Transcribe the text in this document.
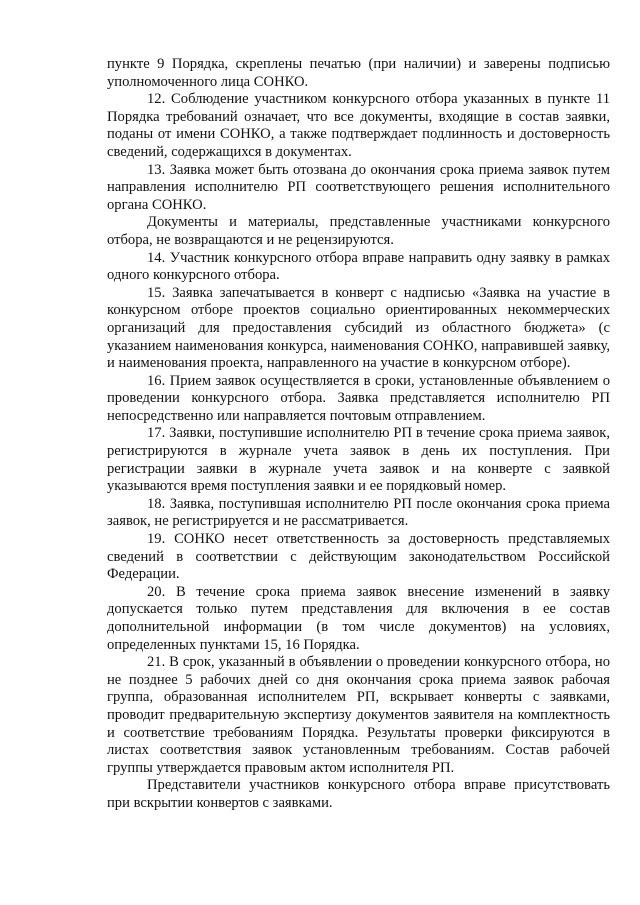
пункте 9 Порядка, скреплены печатью (при наличии) и заверены подписью уполномоченного лица СОНКО.

12. Соблюдение участником конкурсного отбора указанных в пункте 11 Порядка требований означает, что все документы, входящие в состав заявки, поданы от имени СОНКО, а также подтверждает подлинность и достоверность сведений, содержащихся в документах.

13. Заявка может быть отозвана до окончания срока приема заявок путем направления исполнителю РП соответствующего решения исполнительного органа СОНКО.

Документы и материалы, представленные участниками конкурсного отбора, не возвращаются и не рецензируются.

14. Участник конкурсного отбора вправе направить одну заявку в рамках одного конкурсного отбора.

15. Заявка запечатывается в конверт с надписью «Заявка на участие в конкурсном отборе проектов социально ориентированных некоммерческих организаций для предоставления субсидий из областного бюджета» (с указанием наименования конкурса, наименования СОНКО, направившей заявку, и наименования проекта, направленного на участие в конкурсном отборе).

16. Прием заявок осуществляется в сроки, установленные объявлением о проведении конкурсного отбора. Заявка представляется исполнителю РП непосредственно или направляется почтовым отправлением.

17. Заявки, поступившие исполнителю РП в течение срока приема заявок, регистрируются в журнале учета заявок в день их поступления. При регистрации заявки в журнале учета заявок и на конверте с заявкой указываются время поступления заявки и ее порядковый номер.

18. Заявка, поступившая исполнителю РП после окончания срока приема заявок, не регистрируется и не рассматривается.

19. СОНКО несет ответственность за достоверность представляемых сведений в соответствии с действующим законодательством Российской Федерации.

20. В течение срока приема заявок внесение изменений в заявку допускается только путем представления для включения в ее состав дополнительной информации (в том числе документов) на условиях, определенных пунктами 15, 16 Порядка.

21. В срок, указанный в объявлении о проведении конкурсного отбора, но не позднее 5 рабочих дней со дня окончания срока приема заявок рабочая группа, образованная исполнителем РП, вскрывает конверты с заявками, проводит предварительную экспертизу документов заявителя на комплектность и соответствие требованиям Порядка. Результаты проверки фиксируются в листах соответствия заявок установленным требованиям. Состав рабочей группы утверждается правовым актом исполнителя РП.

Представители участников конкурсного отбора вправе присутствовать при вскрытии конвертов с заявками.
